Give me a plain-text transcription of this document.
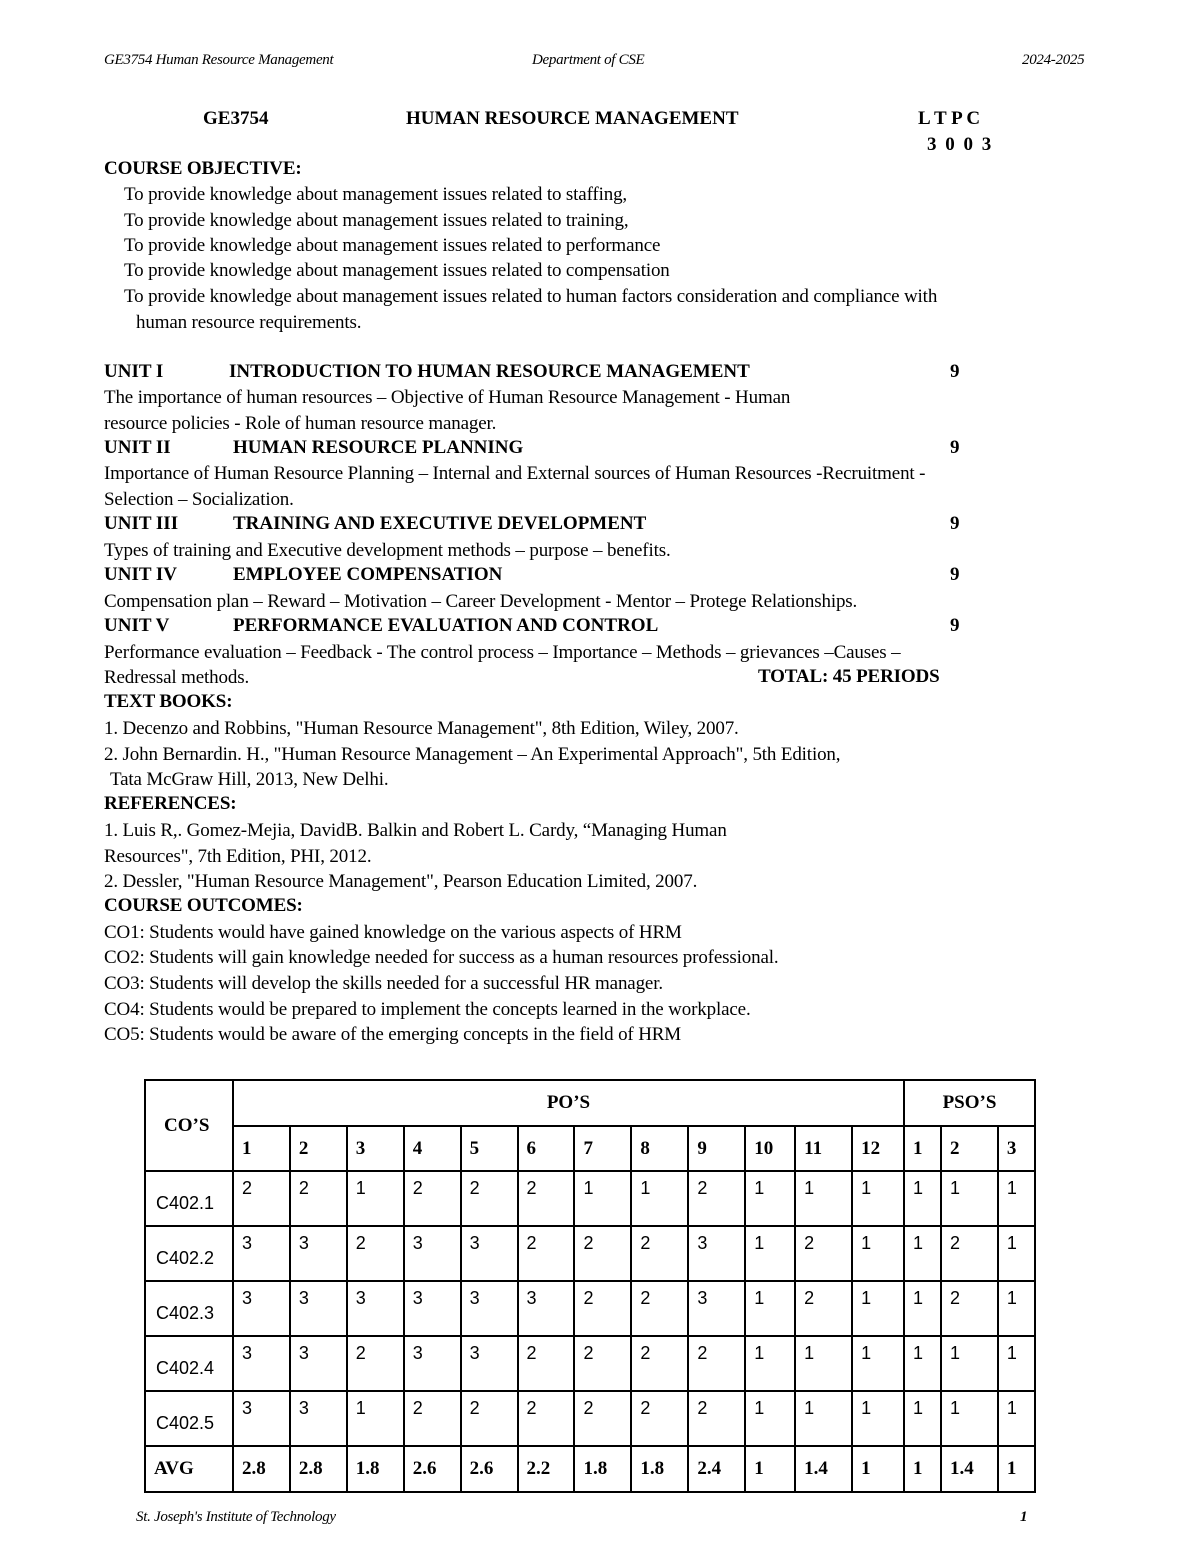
GE3754 Human Resource Management	Department of CSE	2024-2025
GE3754	HUMAN RESOURCE MANAGEMENT	L T P C
3 0 0 3
COURSE OBJECTIVE:
To provide knowledge about management issues related to staffing,
To provide knowledge about management issues related to training,
To provide knowledge about management issues related to performance
To provide knowledge about management issues related to compensation
To provide knowledge about management issues related to human factors consideration and compliance with
human resource requirements.
UNIT I	INTRODUCTION TO HUMAN RESOURCE MANAGEMENT	9
The importance of human resources – Objective of Human Resource Management - Human
resource policies - Role of human resource manager.
UNIT II	HUMAN RESOURCE PLANNING	9
Importance of Human Resource Planning – Internal and External sources of Human Resources -Recruitment -
Selection – Socialization.
UNIT III	TRAINING AND EXECUTIVE DEVELOPMENT	9
Types of training and Executive development methods – purpose – benefits.
UNIT IV	EMPLOYEE COMPENSATION	9
Compensation plan – Reward – Motivation – Career Development - Mentor – Protege Relationships.
UNIT V	PERFORMANCE EVALUATION AND CONTROL	9
Performance evaluation – Feedback - The control process – Importance – Methods – grievances –Causes –
Redressal methods.	TOTAL: 45 PERIODS
TEXT BOOKS:
1. Decenzo and Robbins, "Human Resource Management", 8th Edition, Wiley, 2007.
2. John Bernardin. H., "Human Resource Management – An Experimental Approach", 5th Edition,
Tata McGraw Hill, 2013, New Delhi.
REFERENCES:
1. Luis R,. Gomez-Mejia, DavidB. Balkin and Robert L. Cardy, “Managing Human
Resources", 7th Edition, PHI, 2012.
2. Dessler, "Human Resource Management", Pearson Education Limited, 2007.
COURSE OUTCOMES:
CO1: Students would have gained knowledge on the various aspects of HRM
CO2: Students will gain knowledge needed for success as a human resources professional.
CO3: Students will develop the skills needed for a successful HR manager.
CO4: Students would be prepared to implement the concepts learned in the workplace.
CO5: Students would be aware of the emerging concepts in the field of HRM
CO’S	PO’S												PSO’S		
	1	2	3	4	5	6	7	8	9	10	11	12	1	2	3
C402.1	2	2	1	2	2	2	1	1	2	1	1	1	1	1	1
C402.2	3	3	2	3	3	2	2	2	3	1	2	1	1	2	1
C402.3	3	3	3	3	3	3	2	2	3	1	2	1	1	2	1
C402.4	3	3	2	3	3	2	2	2	2	1	1	1	1	1	1
C402.5	3	3	1	2	2	2	2	2	2	1	1	1	1	1	1
AVG	2.8	2.8	1.8	2.6	2.6	2.2	1.8	1.8	2.4	1	1.4	1	1	1.4	1
St. Joseph's Institute of Technology	1
